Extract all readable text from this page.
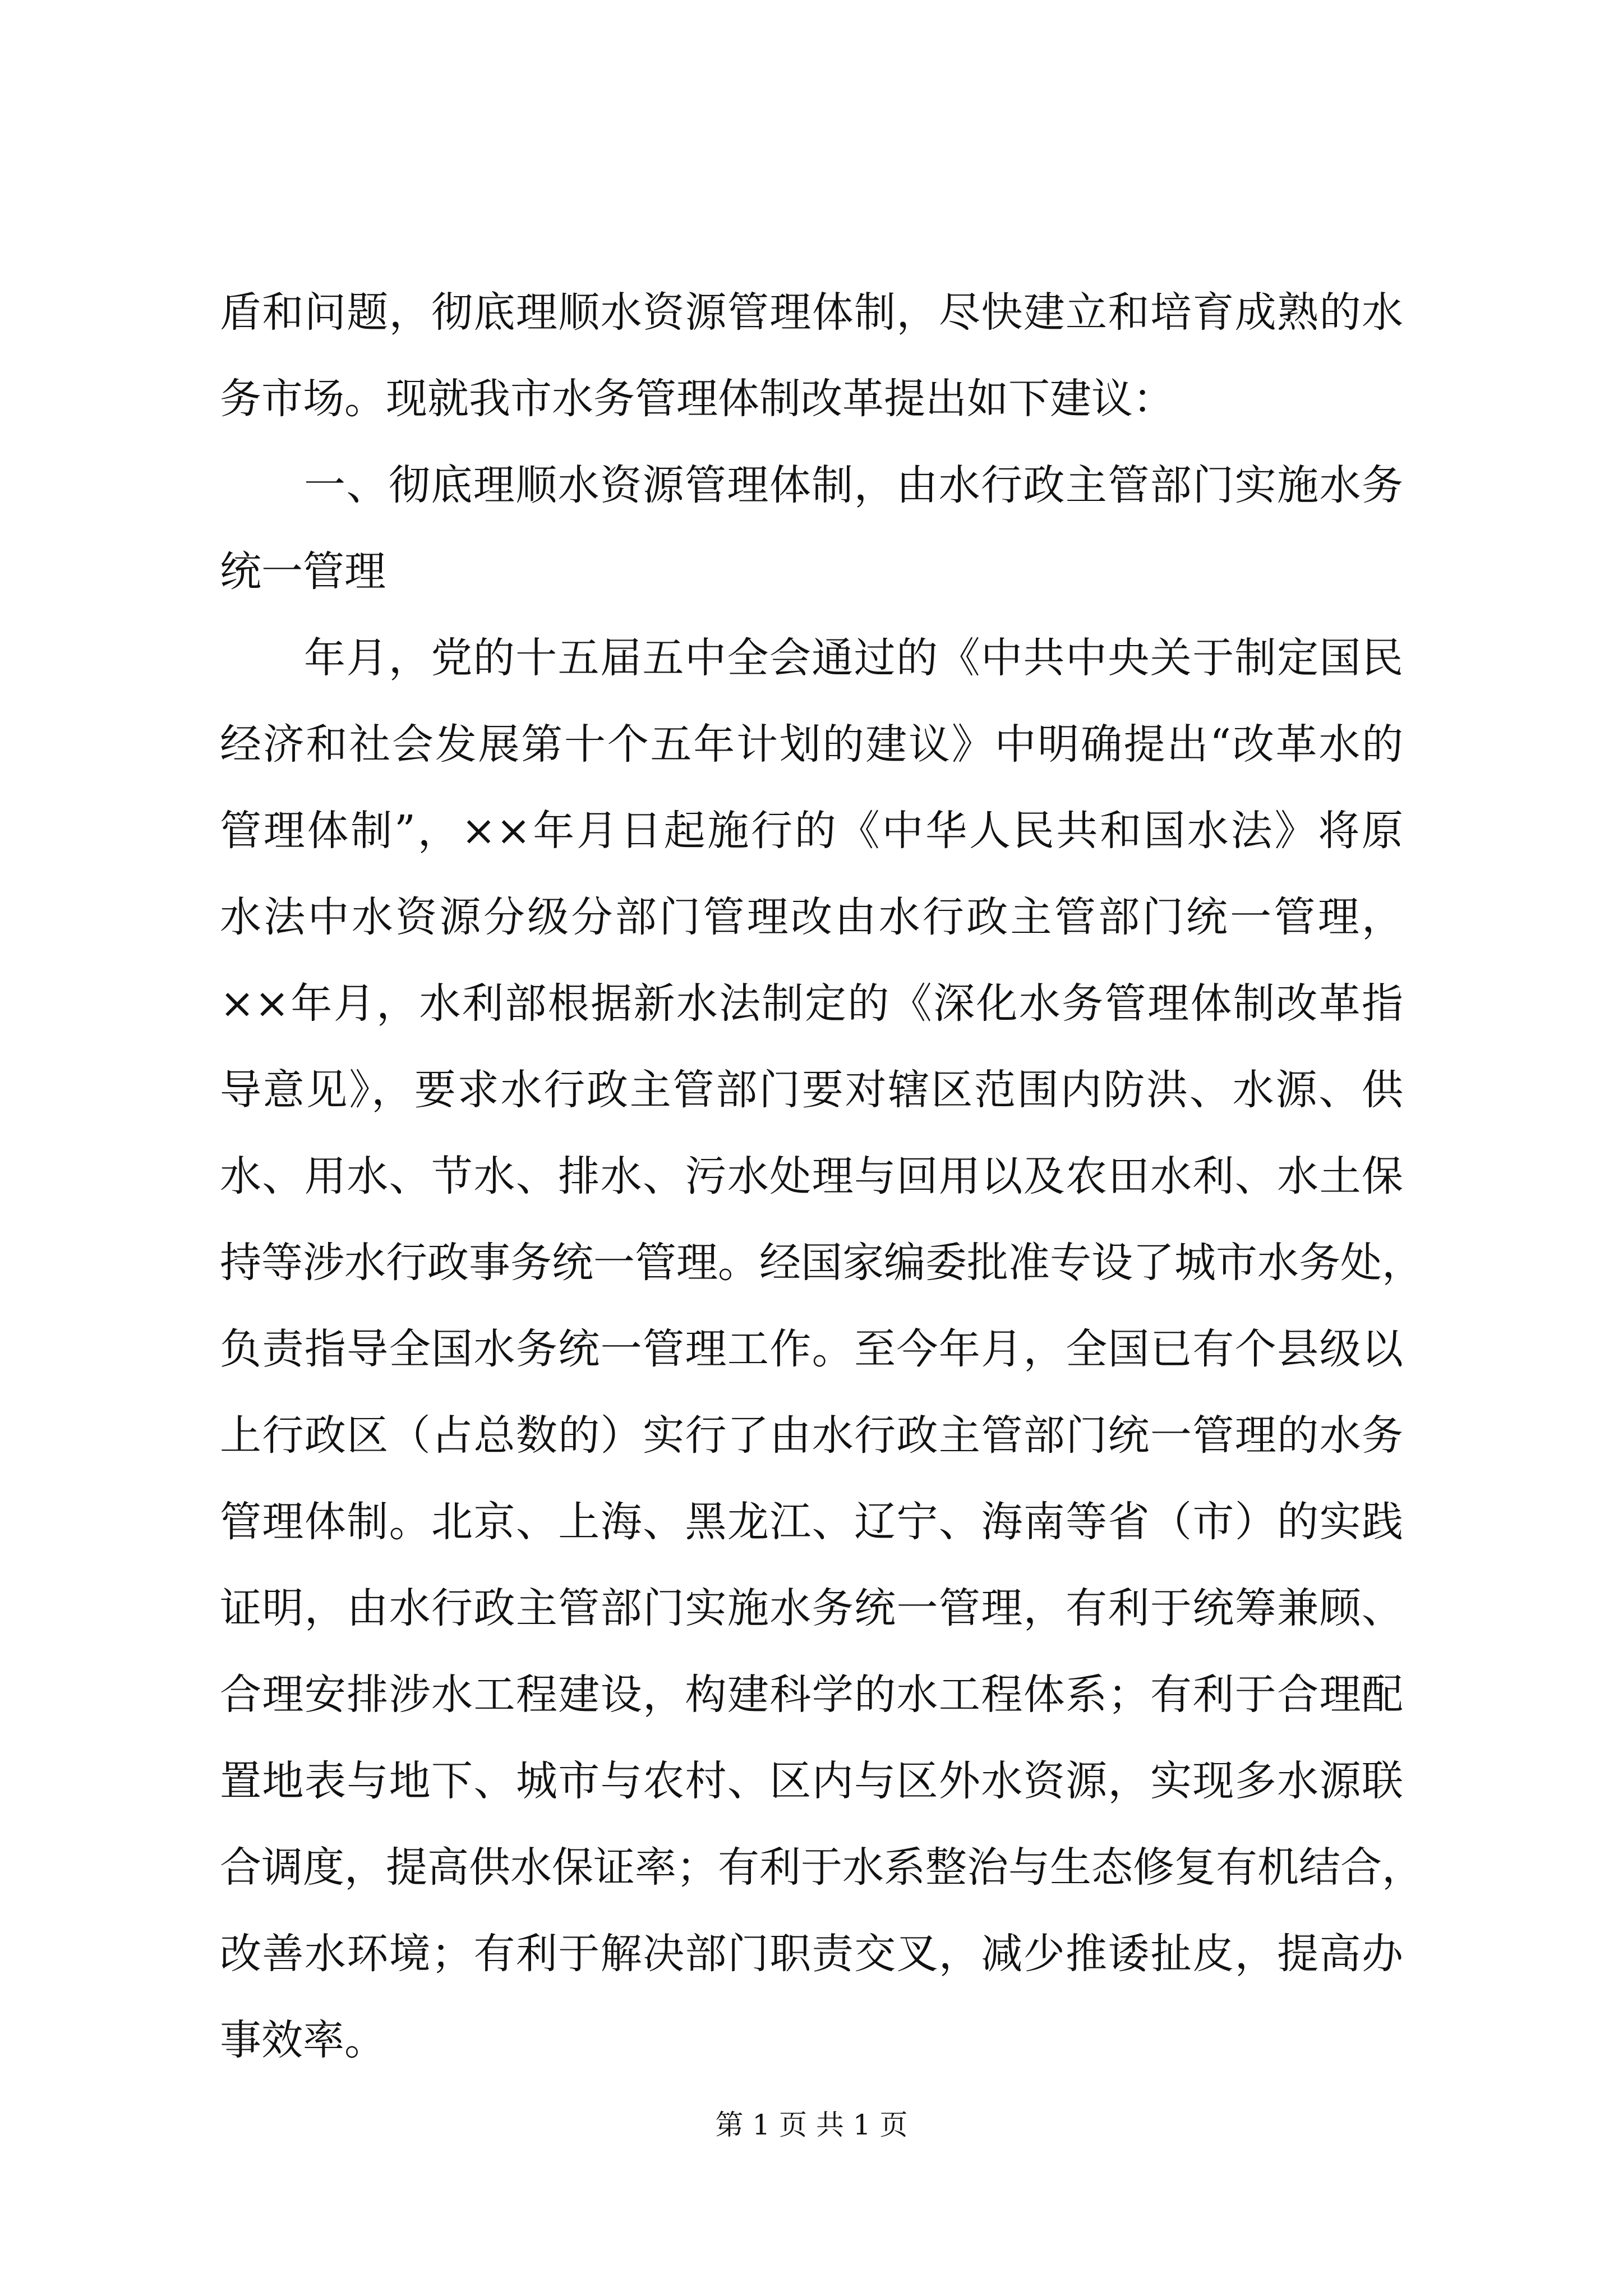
盾和问题，彻底理顺水资源管理体制，尽快建立和培育成熟的水
务市场。现就我市水务管理体制改革提出如下建议：
一、彻底理顺水资源管理体制，由水行政主管部门实施水务
统一管理
年月，党的十五届五中全会通过的《中共中央关于制定国民
经济和社会发展第十个五年计划的建议》中明确提出“改革水的
管理体制”，××年月日起施行的《中华人民共和国水法》将原
水法中水资源分级分部门管理改由水行政主管部门统一管理，
××年月，水利部根据新水法制定的《深化水务管理体制改革指
导意见》，要求水行政主管部门要对辖区范围内防洪、水源、供
水、用水、节水、排水、污水处理与回用以及农田水利、水土保
持等涉水行政事务统一管理。经国家编委批准专设了城市水务处，
负责指导全国水务统一管理工作。至今年月，全国已有个县级以
上行政区（占总数的）实行了由水行政主管部门统一管理的水务
管理体制。北京、上海、黑龙江、辽宁、海南等省（市）的实践
证明，由水行政主管部门实施水务统一管理，有利于统筹兼顾、
合理安排涉水工程建设，构建科学的水工程体系；有利于合理配
置地表与地下、城市与农村、区内与区外水资源，实现多水源联
合调度，提高供水保证率；有利于水系整治与生态修复有机结合，
改善水环境；有利于解决部门职责交叉，减少推诿扯皮，提高办
事效率。
第 1 页 共 1 页
